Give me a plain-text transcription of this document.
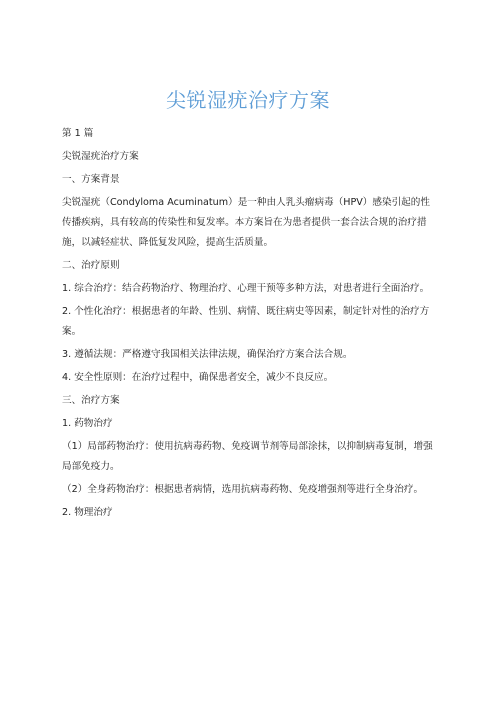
尖锐湿疣治疗方案
第 1 篇
尖锐湿疣治疗方案
一、方案背景
尖锐湿疣（Condyloma Acuminatum）是一种由人乳头瘤病毒（HPV）感染引起的性传播疾病，具有较高的传染性和复发率。本方案旨在为患者提供一套合法合规的治疗措施，以减轻症状、降低复发风险，提高生活质量。
二、治疗原则
1. 综合治疗：结合药物治疗、物理治疗、心理干预等多种方法，对患者进行全面治疗。
2. 个性化治疗：根据患者的年龄、性别、病情、既往病史等因素，制定针对性的治疗方案。
3. 遵循法规：严格遵守我国相关法律法规，确保治疗方案合法合规。
4. 安全性原则：在治疗过程中，确保患者安全，减少不良反应。
三、治疗方案
1. 药物治疗
（1）局部药物治疗：使用抗病毒药物、免疫调节剂等局部涂抹，以抑制病毒复制，增强局部免疫力。
（2）全身药物治疗：根据患者病情，选用抗病毒药物、免疫增强剂等进行全身治疗。
2. 物理治疗
